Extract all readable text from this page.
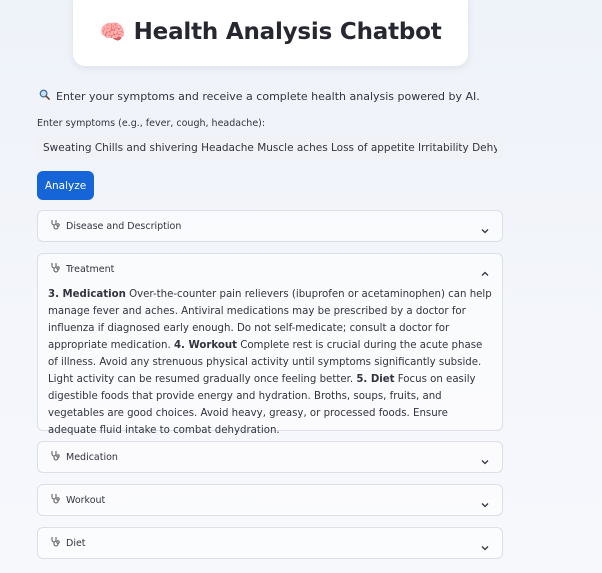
🧠 Health Analysis Chatbot
Enter your symptoms and receive a complete health analysis powered by AI.
Enter symptoms (e.g., fever, cough, headache):
Sweating Chills and shivering Headache Muscle aches Loss of appetite Irritability Dehydration General weakness
Analyze
Disease and Description
Treatment
3. Medication Over-the-counter pain relievers (ibuprofen or acetaminophen) can help manage fever and aches. Antiviral medications may be prescribed by a doctor for influenza if diagnosed early enough. Do not self-medicate; consult a doctor for appropriate medication. 4. Workout Complete rest is crucial during the acute phase of illness. Avoid any strenuous physical activity until symptoms significantly subside. Light activity can be resumed gradually once feeling better. 5. Diet Focus on easily digestible foods that provide energy and hydration. Broths, soups, fruits, and vegetables are good choices. Avoid heavy, greasy, or processed foods. Ensure adequate fluid intake to combat dehydration.
Medication
Workout
Diet
